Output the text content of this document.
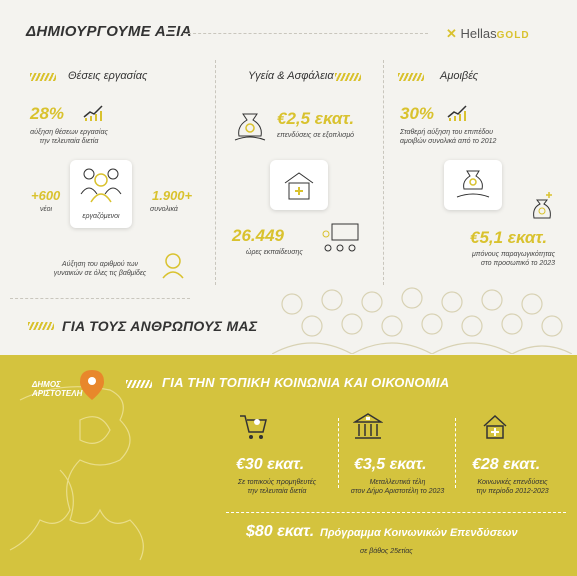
ΔΗΜΙΟΥΡΓΟΥΜΕ ΑΞΙΑ	✕ HellasGOLD
Θέσεις εργασίας
28%
αύξηση θέσεων εργασίας
την τελευταία διετία
+600
νέοι
εργαζόμενοι
1.900+
συνολικά
Αύξηση του αριθμού των
γυναικών σε όλες τις βαθμίδες
Υγεία & Ασφάλεια
€2,5 εκατ.
επενδύσεις σε εξοπλισμό
26.449
ώρες εκπαίδευσης
Αμοιβές
30%
Σταθερή αύξηση του επιπέδου
αμοιβών συνολικά από το 2012
€5,1 εκατ.
μπόνους παραγωγικότητας
στο προσωπικό το 2023
ΓΙΑ ΤΟΥΣ ΑΝΘΡΩΠΟΥΣ ΜΑΣ
ΔΗΜΟΣ
ΑΡΙΣΤΟΤΕΛΗ
ΓΙΑ ΤΗΝ ΤΟΠΙΚΗ ΚΟΙΝΩΝΙΑ ΚΑΙ ΟΙΚΟΝΟΜΙΑ
€30 εκατ.
Σε τοπικούς προμηθευτές
την τελευταία διετία
€3,5 εκατ.
Μεταλλευτικά τέλη
στον Δήμο Αριστοτέλη το 2023
€28 εκατ.
Κοινωνικές επενδύσεις
την περίοδο 2012-2023
$80 εκατ. Πρόγραμμα Κοινωνικών Επενδύσεων
σε βάθος 25ετίας
